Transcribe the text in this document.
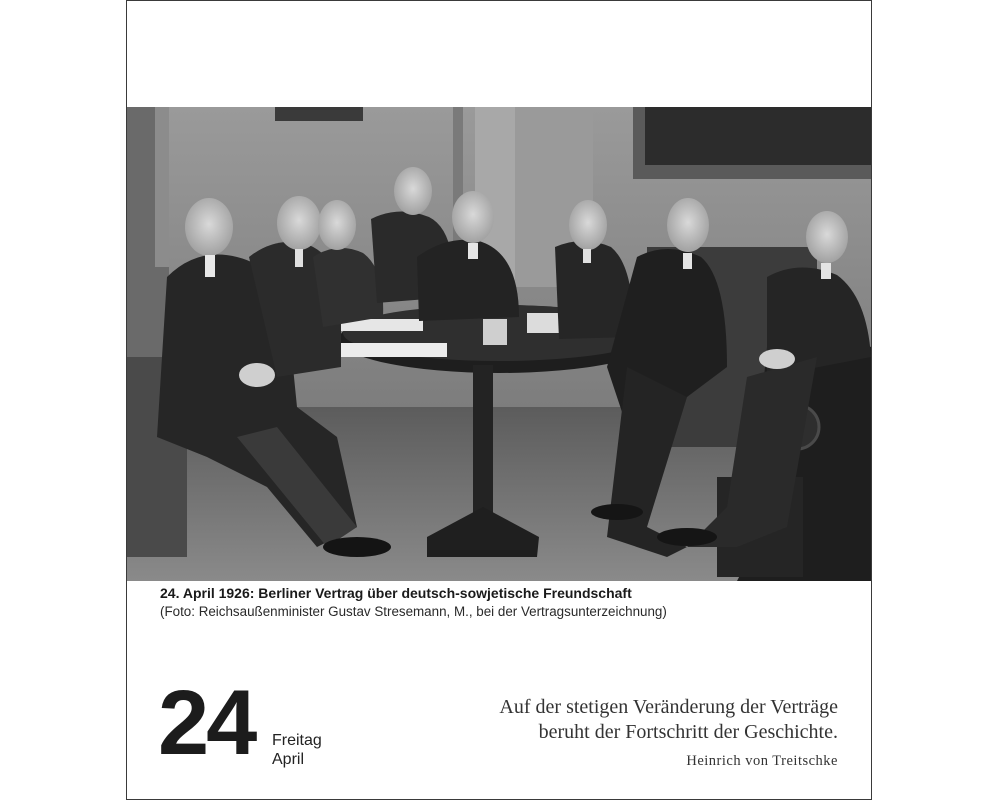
24. April 1926: Berliner Vertrag über deutsch-sowjetische Freundschaft
(Foto: Reichsaußenminister Gustav Stresemann, M., bei der Vertragsunterzeichnung)
24 Freitag
April
Auf der stetigen Veränderung der Verträge
beruht der Fortschritt der Geschichte.
Heinrich von Treitschke
